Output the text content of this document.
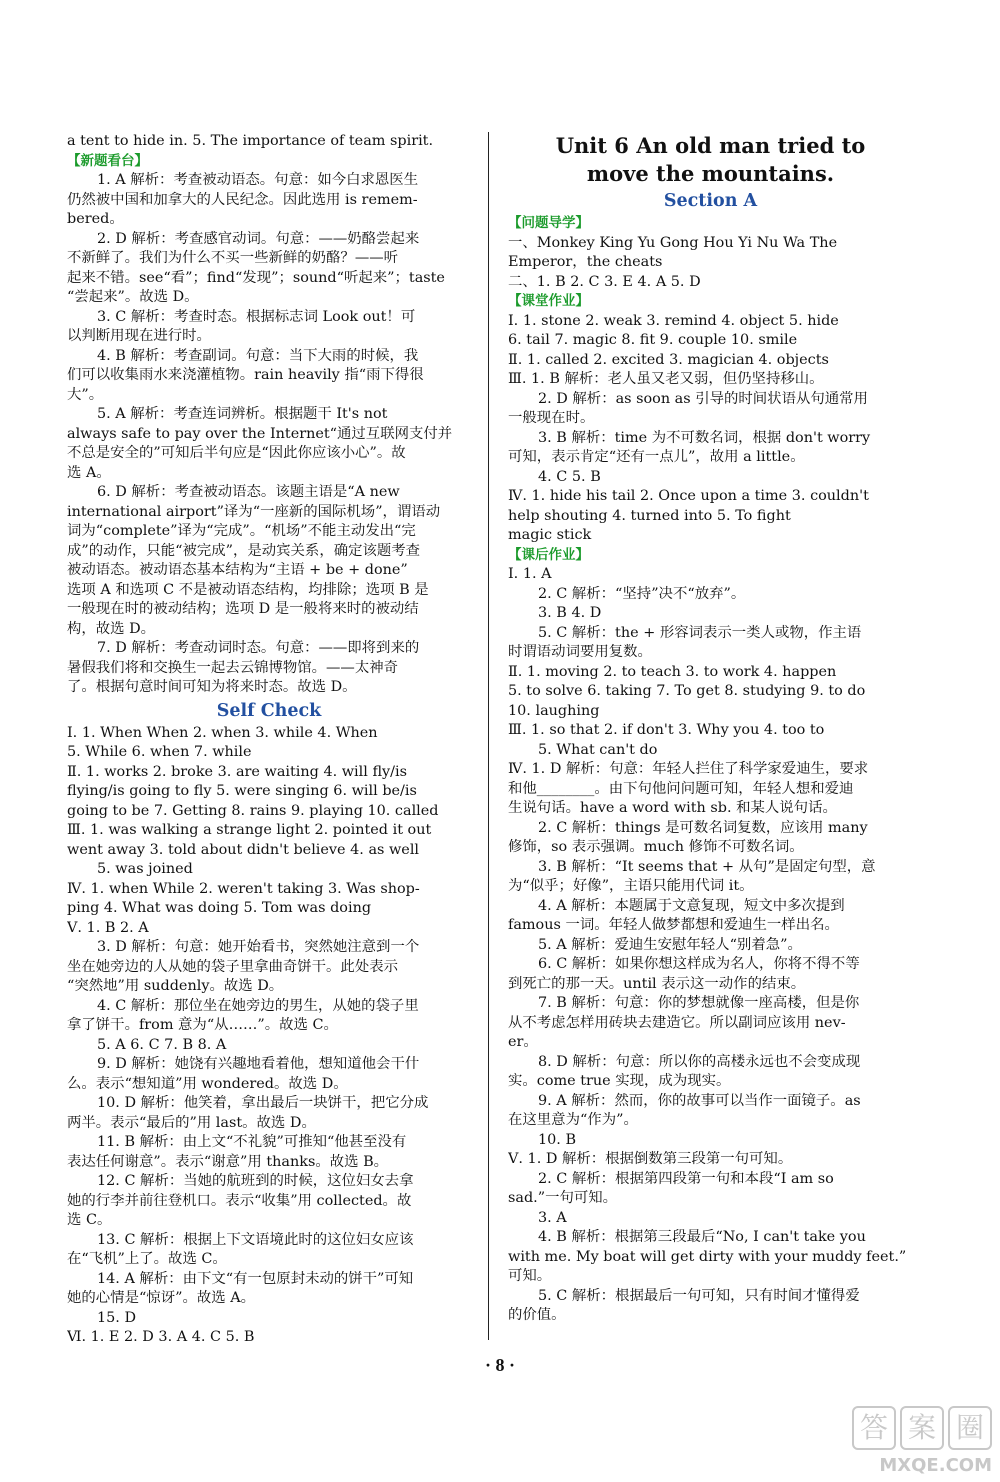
a tent to hide in. 5. The importance of team spirit.
【新题看台】
1. A 解析：考查被动语态。句意：如今白求恩医生
仍然被中国和加拿大的人民纪念。因此选用 is remem-
bered。
2. D 解析：考查感官动词。句意：——奶酪尝起来
不新鲜了。我们为什么不买一些新鲜的奶酪？——听
起来不错。see“看”；find“发现”；sound“听起来”；taste
“尝起来”。故选 D。
3. C 解析：考查时态。根据标志词 Look out！可
以判断用现在进行时。
4. B 解析：考查副词。句意：当下大雨的时候，我
们可以收集雨水来浇灌植物。rain heavily 指“雨下得很
大”。
5. A 解析：考查连词辨析。根据题干 It's not
always safe to pay over the Internet“通过互联网支付并
不总是安全的”可知后半句应是“因此你应该小心”。故
选 A。
6. D 解析：考查被动语态。该题主语是“A new
international airport”译为“一座新的国际机场”，谓语动
词为“complete”译为“完成”。“机场”不能主动发出“完
成”的动作，只能“被完成”，是动宾关系，确定该题考查
被动语态。被动语态基本结构为“主语 + be + done”
选项 A 和选项 C 不是被动语态结构，均排除；选项 B 是
一般现在时的被动结构；选项 D 是一般将来时的被动结
构，故选 D。
7. D 解析：考查动词时态。句意：——即将到来的
暑假我们将和交换生一起去云锦博物馆。——太神奇
了。根据句意时间可知为将来时态。故选 D。
Self Check
Ⅰ. 1. When When 2. when 3. while 4. When
5. While 6. when 7. while
Ⅱ. 1. works 2. broke 3. are waiting 4. will fly/is
flying/is going to fly 5. were singing 6. will be/is
going to be 7. Getting 8. rains 9. playing 10. called
Ⅲ. 1. was walking a strange light 2. pointed it out
went away 3. told about didn't believe 4. as well
5. was joined
Ⅳ. 1. when While 2. weren't taking 3. Was shop-
ping 4. What was doing 5. Tom was doing
Ⅴ. 1. B 2. A
3. D 解析：句意：她开始看书，突然她注意到一个
坐在她旁边的人从她的袋子里拿曲奇饼干。此处表示
“突然地”用 suddenly。故选 D。
4. C 解析：那位坐在她旁边的男生，从她的袋子里
拿了饼干。from 意为“从……”。故选 C。
5. A 6. C 7. B 8. A
9. D 解析：她饶有兴趣地看着他，想知道他会干什
么。表示“想知道”用 wondered。故选 D。
10. D 解析：他笑着，拿出最后一块饼干，把它分成
两半。表示“最后的”用 last。故选 D。
11. B 解析：由上文“不礼貌”可推知“他甚至没有
表达任何谢意”。表示“谢意”用 thanks。故选 B。
12. C 解析：当她的航班到的时候，这位妇女去拿
她的行李并前往登机口。表示“收集”用 collected。故
选 C。
13. C 解析：根据上下文语境此时的这位妇女应该
在“飞机”上了。故选 C。
14. A 解析：由下文“有一包原封未动的饼干”可知
她的心情是“惊讶”。故选 A。
15. D
Ⅵ. 1. E 2. D 3. A 4. C 5. B
Unit 6 An old man tried to
move the mountains.
Section A
【问题导学】
一、Monkey King Yu Gong Hou Yi Nu Wa The
Emperor，the cheats
二、1. B 2. C 3. E 4. A 5. D
【课堂作业】
Ⅰ. 1. stone 2. weak 3. remind 4. object 5. hide
6. tail 7. magic 8. fit 9. couple 10. smile
Ⅱ. 1. called 2. excited 3. magician 4. objects
Ⅲ. 1. B 解析：老人虽又老又弱，但仍坚持移山。
2. D 解析：as soon as 引导的时间状语从句通常用
一般现在时。
3. B 解析：time 为不可数名词，根据 don't worry
可知，表示肯定“还有一点儿”，故用 a little。
4. C 5. B
Ⅳ. 1. hide his tail 2. Once upon a time 3. couldn't
help shouting 4. turned into 5. To fight
magic stick
【课后作业】
Ⅰ. 1. A
2. C 解析：“坚持”决不“放弃”。
3. B 4. D
5. C 解析：the + 形容词表示一类人或物，作主语
时谓语动词要用复数。
Ⅱ. 1. moving 2. to teach 3. to work 4. happen
5. to solve 6. taking 7. To get 8. studying 9. to do
10. laughing
Ⅲ. 1. so that 2. if don't 3. Why you 4. too to
5. What can't do
Ⅳ. 1. D 解析：句意：年轻人拦住了科学家爱迪生，要求
和他________。由下句他问问题可知，年轻人想和爱迪
生说句话。have a word with sb. 和某人说句话。
2. C 解析：things 是可数名词复数，应该用 many
修饰，so 表示强调。much 修饰不可数名词。
3. B 解析：“It seems that + 从句”是固定句型，意
为“似乎；好像”，主语只能用代词 it。
4. A 解析：本题属于文意复现，短文中多次提到
famous 一词。年轻人做梦都想和爱迪生一样出名。
5. A 解析：爱迪生安慰年轻人“别着急”。
6. C 解析：如果你想这样成为名人，你将不得不等
到死亡的那一天。until 表示这一动作的结束。
7. B 解析：句意：你的梦想就像一座高楼，但是你
从不考虑怎样用砖块去建造它。所以副词应该用 nev-
er。
8. D 解析：句意：所以你的高楼永远也不会变成现
实。come true 实现，成为现实。
9. A 解析：然而，你的故事可以当作一面镜子。as
在这里意为“作为”。
10. B
Ⅴ. 1. D 解析：根据倒数第三段第一句可知。
2. C 解析：根据第四段第一句和本段“I am so
sad.”一句可知。
3. A
4. B 解析：根据第三段最后“No, I can't take you
with me. My boat will get dirty with your muddy feet.”
可知。
5. C 解析：根据最后一句可知，只有时间才懂得爱
的价值。
· 8 ·
答 案 圈
MXQE.COM
